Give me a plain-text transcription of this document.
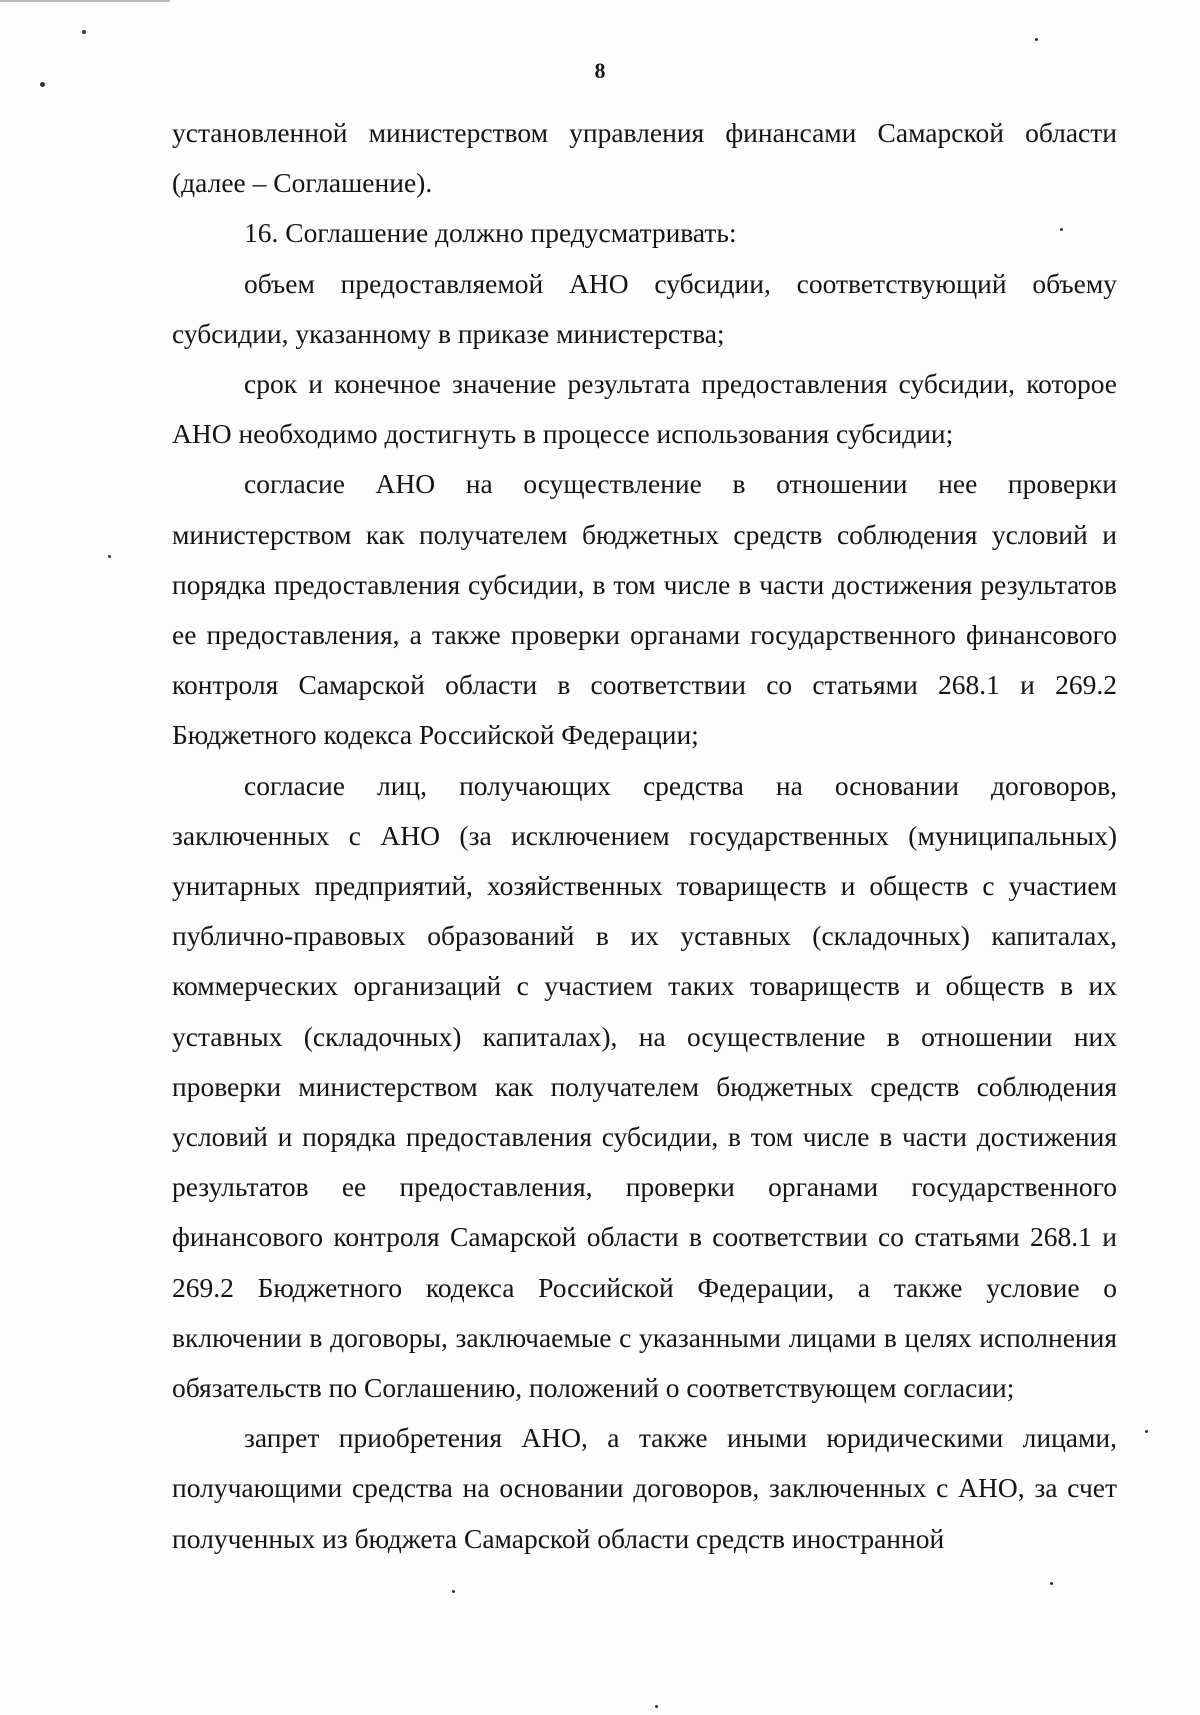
8

установленной министерством управления финансами Самарской области (далее – Соглашение).

16. Соглашение должно предусматривать:

объем предоставляемой АНО субсидии, соответствующий объему субсидии, указанному в приказе министерства;

срок и конечное значение результата предоставления субсидии, которое АНО необходимо достигнуть в процессе использования субсидии;

согласие АНО на осуществление в отношении нее проверки министерством как получателем бюджетных средств соблюдения условий и порядка предоставления субсидии, в том числе в части достижения результатов ее предоставления, а также проверки органами государственного финансового контроля Самарской области в соответствии со статьями 268.1 и 269.2 Бюджетного кодекса Российской Федерации;

согласие лиц, получающих средства на основании договоров, заключенных с АНО (за исключением государственных (муниципальных) унитарных предприятий, хозяйственных товариществ и обществ с участием публично-правовых образований в их уставных (складочных) капиталах, коммерческих организаций с участием таких товариществ и обществ в их уставных (складочных) капиталах), на осуществление в отношении них проверки министерством как получателем бюджетных средств соблюдения условий и порядка предоставления субсидии, в том числе в части достижения результатов ее предоставления, проверки органами государственного финансового контроля Самарской области в соответствии со статьями 268.1 и 269.2 Бюджетного кодекса Российской Федерации, а также условие о включении в договоры, заключаемые с указанными лицами в целях исполнения обязательств по Соглашению, положений о соответствующем согласии;

запрет приобретения АНО, а также иными юридическими лицами, получающими средства на основании договоров, заключенных с АНО, за счет полученных из бюджета Самарской области средств иностранной
